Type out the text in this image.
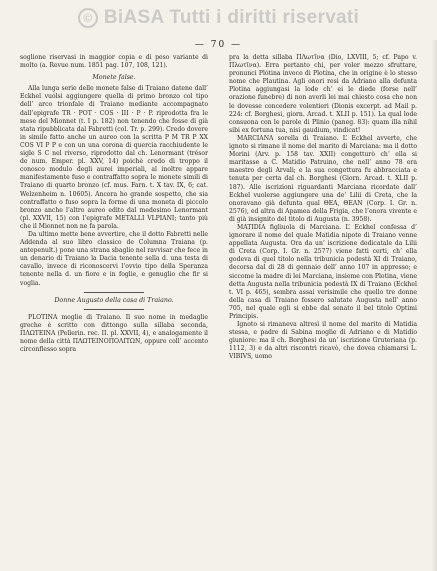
© BiASA Tutti i diritti riservati
— 70 —

soglione riservasi in maggior copia e di peso variante di molto (a. Revue num. 1851 pag. 107, 108, 121).

Monete false.

Alla lunga serie delle monete false di Traiano datene dall’ Eckhel vuolsi aggiungere quella di primo bronzo col tipo dell’ arco trionfale di Traiano mediante accompagnato dall’epigrafe TR · POT · COS · III · P · P. riprodotta fra le mese del Mionnet (t. I p. 182) non tenendo che fosse di già stata ripubblicata dal Fabretti (col. Tr. p. 299). Credo dovere in simile fatto anche un aureo con la scritta P M TR P XX COS VI P P e con un una corona di quercia racchiudente le sigle S C nel riverso, riprodotto dal ch. Lenormant (trésor de num. Emper. pl. XXV, 14) poichè credo di troppo il conosco modulo degli aurei imperiali, al inoltre appare manifestamente fuso e contraffatto sopra le monete simili di Traiano di quarto bronzo (cf. mus. Farn. t. X tav. IX, 6; cat. Welzenheim n. 10605). Ancora ho grande sospetto, che sia contraffatto o fuso sopra la forme di una moneta di piccolo bronzo anche l’altro aureo edito dal medesimo Lenormant (pl. XXVII, 15) con l’epigrafe METALLI VLPIANI; tanto più che il Mionnet non ne fa parola.

Da ultimo mette bene avvertire, che il dotto Fabretti nelle Addenda al suo libro classico de Columna Traiana (p. antepenult.) pone una strana sbaglio nel ravvisar che fece in un denario di Traiano la Dacia tenente sella d. una testa di cavallo, invece di riconoscervi l’ovvio tipo della Speranza tenente nella d. un fiore e in foglie, e genuglio che fir si voglia.

Donne Augusto della casa di Traiano.

PLOTINA moglie di Traiano. Il suo nome in medaglie greche è scritto con dittongo sulla sillaba seconda, ΠΛΩΤΕΙΝΑ (Pellerin. rec. II. pl. XXVII, 4), e analogamente il nome della città ΠΛΩΤΕΙΝΟΠΟΛΙΤΩΝ, oppure coll’ accento circonflesso sopra

pra la detta sillaba ΠΛωτῖνα (Dio, LXVIII, 5; cf. Papo v. Πλωτῖνα). Erra pertanto chi, per voler mezzo sfruttare, pronunci Plótina invece di Plotína, che in origine è lo stesso nome che Plautina. Agli onori resi da Adriano alla defunta Plotina aggiungasi la lode ch’ ei le diede (forse nell’ orazione funebre) di non averli lei mai chiesto cosa che non le dovesse concedere volentieri (Dionis excerpt. ad Mail p. 224: cf. Borghesi, giorn. Arcad. t. XLII p. 151). La qual lode consuona con le parole di Plinio (paneg. 83): quam illa nihil sibi ex fortuna tua, nisi gaudium, vindicat!

MARCIANA sorella di Traiano. L’ Eckhel avverte, che ignoto si rimane il nome del marito di Marciana: ma il dotto Morini (Arv. p. 158 tav. XXII) congetturò ch’ ella si maritasse a C. Matidio Patruino, che nell’ anno 78 era maestro degli Arvali; e la sua congettura fu abbracciata e tenuta per certa dal ch. Borghesi (Giorn. Arcad. t. XLII p. 187). Alle iscrizioni riguardanti Marciana ricordate dall’ Eckhel vuolerse aggiungere una de’ Lilii di Creta, che la onoravano già defunta qual ΘΕΑ, ΘΕΑΝ (Corp. I. Gr. n. 2576), ed altra di Apamea della Frigia, che l’onora vivente e di già insignito del titolo di Augusta (n. 3958).

MATIDIA figliuola di Marciana. L’ Eckhel confessa d’ ignorare il nome del quale Matidia nipote di Traiano venne appellata Augusta. Ora da un’ iscrizione dedicatale da Lilii di Creta (Corp. I. Gr. n. 2577) viene fatti certi, ch’ ella godeva di quel titolo nella tribunicia podestà XI di Traiano, decorsa dal di 28 di gennaio dell’ anno 107 in appresso; e siccome la madre di lei Marciana, insieme con Plotina, viene detta Augusta nella tribunicia podestà IX di Traiano (Eckhel t. VI p. 465), sembra assai verisimile che quello tre donne della casa di Traiano fossero salutate Augusta nell’ anno 705, nel quale egli si ebbe dal senato il bel titolo Optimi Principis.

Ignoto si rimaneva altresì il nome del marito di Matidia stessa, e padre di Sabina moglie di Adriano e di Matidio giuniore: ma il ch. Borghesi da un’ iscrizione Gruteriana (p. 1112, 3) e da altri riscontri ricavò, che dovea chiamarsi L. VIBIVS, uomo
